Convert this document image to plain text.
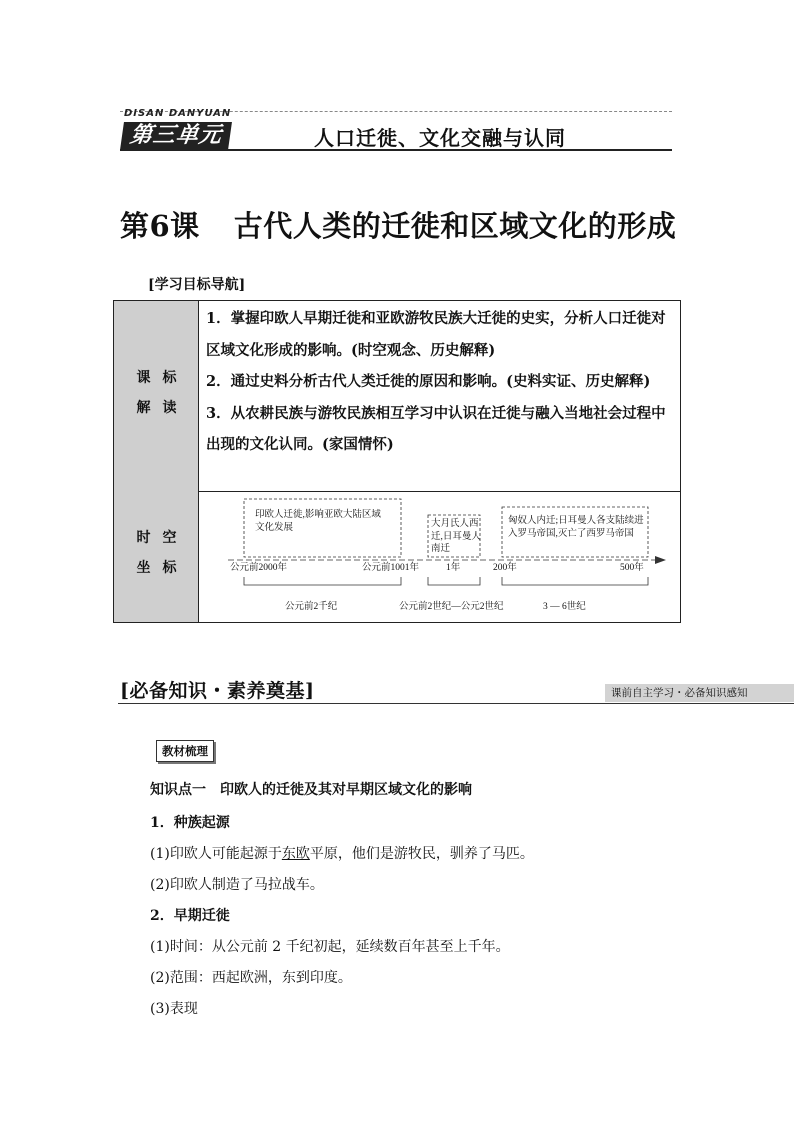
DISAN DANYUAN
第三单元	人口迁徙、文化交融与认同
第6课 古代人类的迁徙和区域文化的形成
[学习目标导航]
课标解读

1．掌握印欧人早期迁徙和亚欧游牧民族大迁徙的史实，分析人口迁徙对区域文化形成的影响。(时空观念、历史解释)

2．通过史料分析古代人类迁徙的原因和影响。(史料实证、历史解释)

3．从农耕民族与游牧民族相互学习中认识在迁徙与融入当地社会过程中出现的文化认同。(家国情怀)

时空坐标
印欧人迁徙,影响亚欧大陆区域文化发展	大月氏人西迁,日耳曼人南迁
匈奴人内迁;日耳曼人各支陆续进入罗马帝国,灭亡了西罗马帝国
公元前2000年	公元前1001年	1年	200年	500年
公元前2千纪	公元前2世纪—公元2世纪	3 — 6世纪
[必备知识・素养奠基]	课前自主学习・必备知识感知
教材梳理
知识点一　印欧人的迁徙及其对早期区域文化的影响
1．种族起源
(1)印欧人可能起源于东欧平原，他们是游牧民，驯养了马匹。
(2)印欧人制造了马拉战车。
2．早期迁徙
(1)时间：从公元前 2 千纪初起，延续数百年甚至上千年。
(2)范围：西起欧洲，东到印度。
(3)表现
